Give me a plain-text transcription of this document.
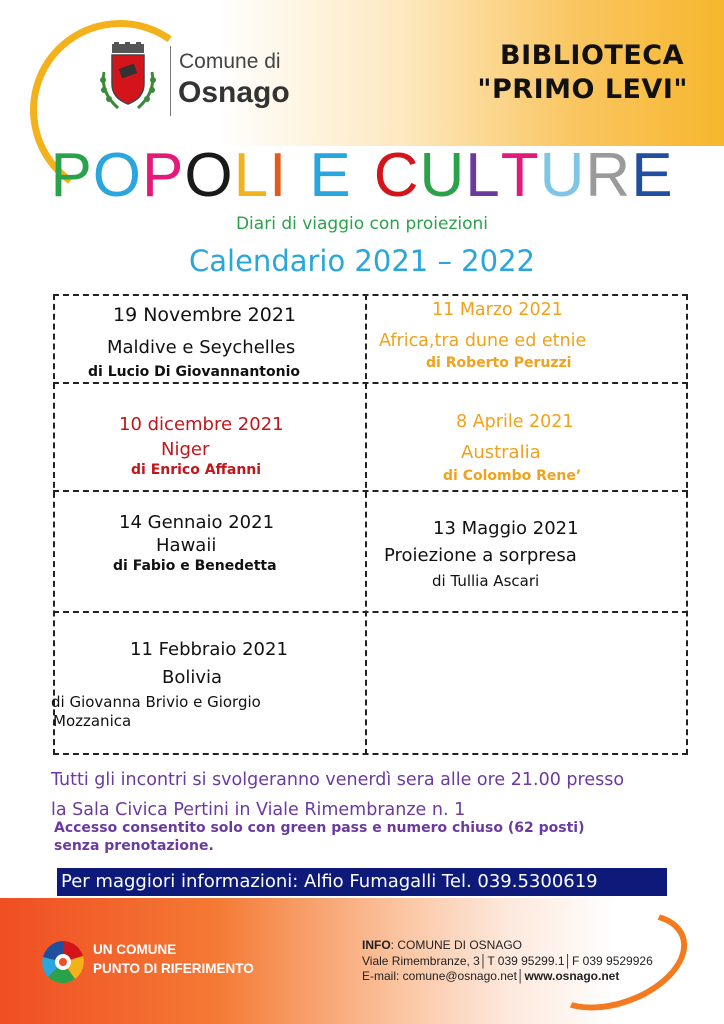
Comune di
Osnago
BIBLIOTECA
"PRIMO LEVI"
POPOLI E CULTURE
Diari di viaggio con proiezioni
Calendario 2021 – 2022
19 Novembre 2021
Maldive e Seychelles
di Lucio Di Giovannantonio
11 Marzo 2021
Africa,tra dune ed etnie
di Roberto Peruzzi
10 dicembre 2021
Niger
di Enrico Affanni
8 Aprile 2021
Australia
di Colombo Rene’
14 Gennaio 2021
Hawaii
di Fabio e Benedetta
13 Maggio 2021
Proiezione a sorpresa
di Tullia Ascari
11 Febbraio 2021
Bolivia
di Giovanna Brivio e Giorgio
Mozzanica
Tutti gli incontri si svolgeranno venerdì sera alle ore 21.00 presso
la Sala Civica Pertini in Viale Rimembranze n. 1
Accesso consentito solo con green pass e numero chiuso (62 posti)
senza prenotazione.
Per maggiori informazioni: Alfio Fumagalli Tel. 039.5300619
UN COMUNE
PUNTO DI RIFERIMENTO
INFO: COMUNE DI OSNAGO
Viale Rimembranze, 3│T 039 95299.1│F 039 9529926
E-mail: comune@osnago.net│www.osnago.net
